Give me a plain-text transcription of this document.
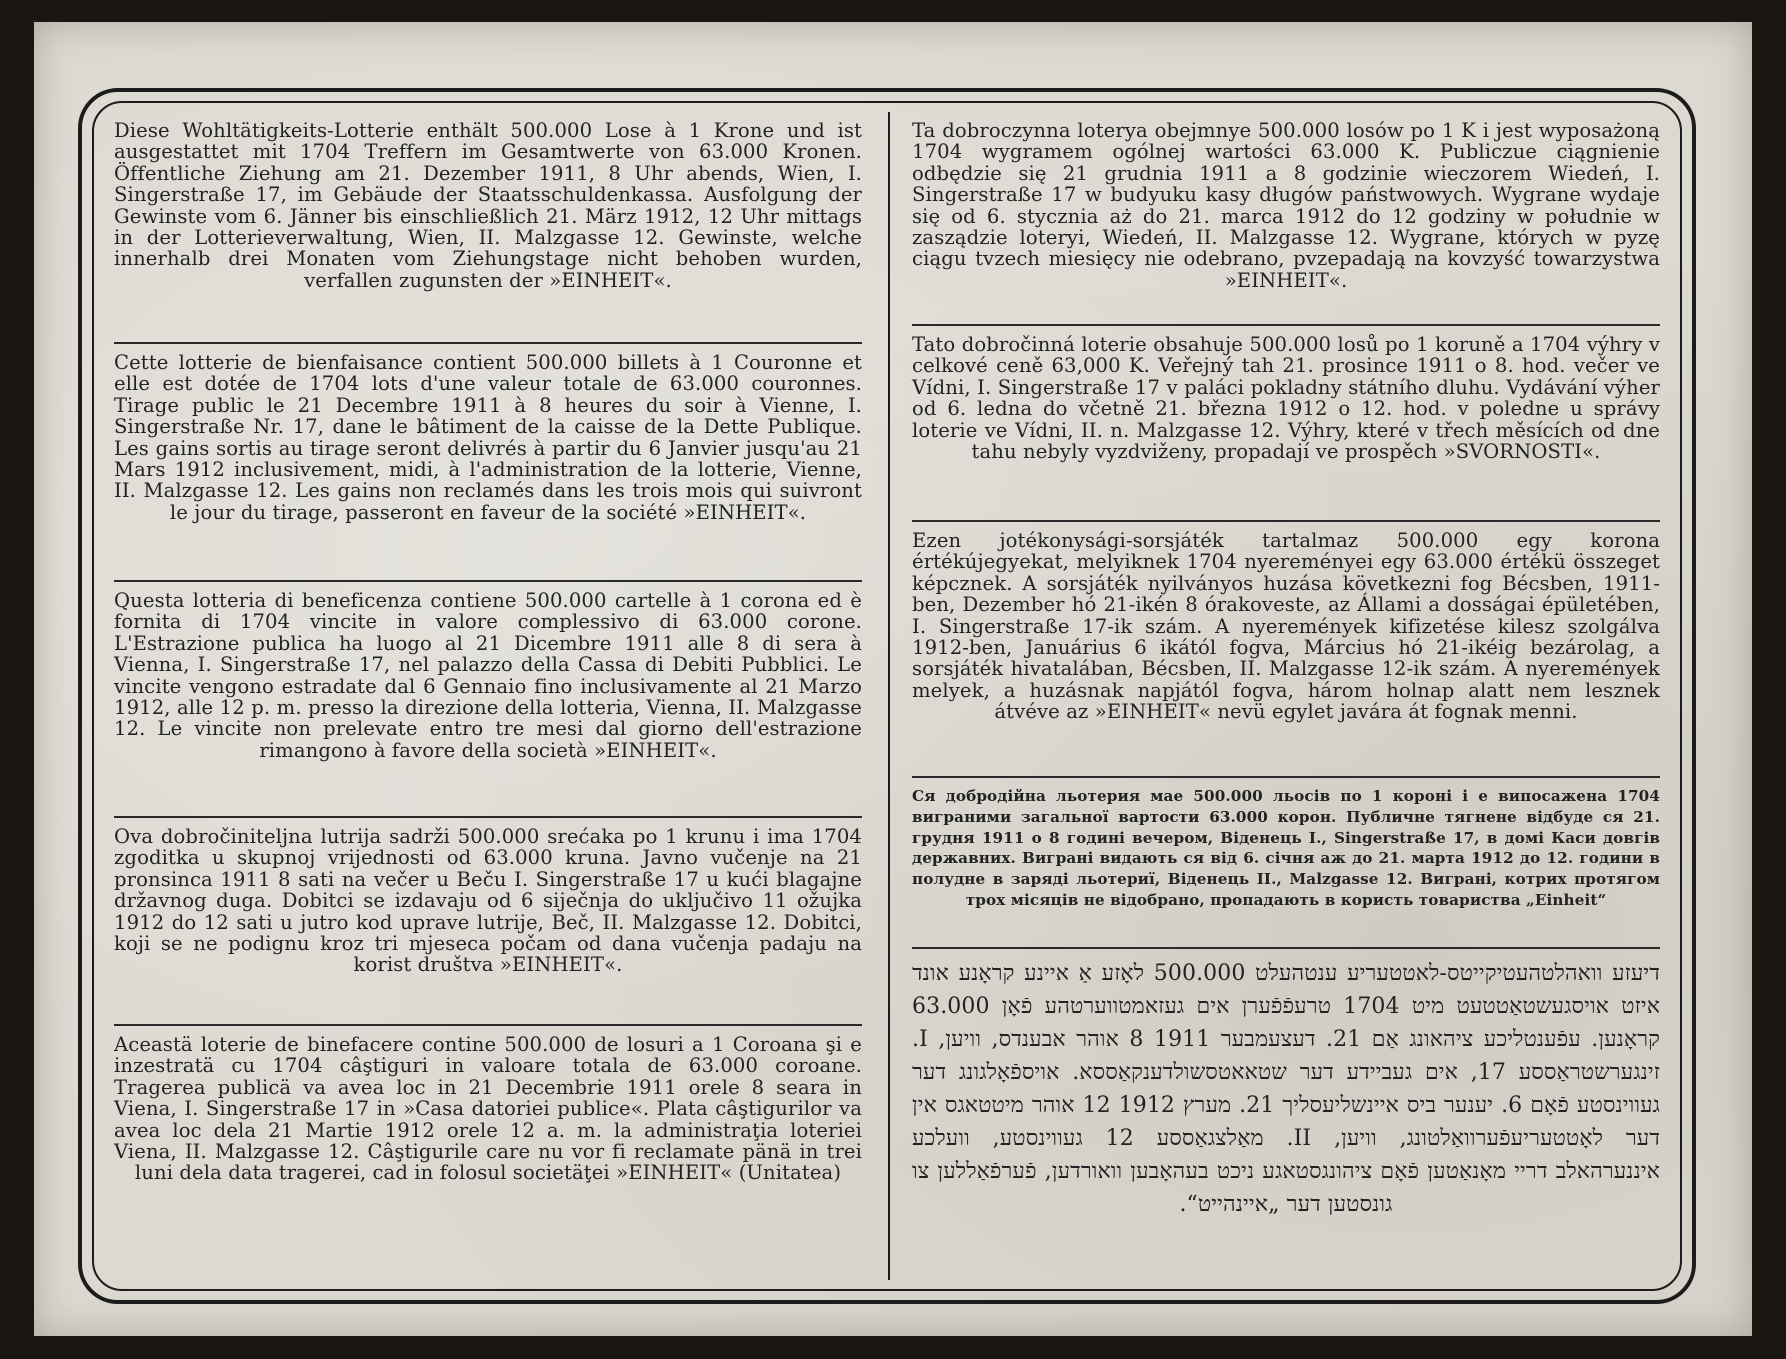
Diese Wohltätigkeits-Lotterie enthält 500.000 Lose à 1 Krone und ist ausgestattet mit 1704 Treffern im Gesamtwerte von 63.000 Kronen. Öffentliche Ziehung am 21. Dezember 1911, 8 Uhr abends, Wien, I. Singerstraße 17, im Gebäude der Staatsschuldenkassa. Ausfolgung der Gewinste vom 6. Jänner bis einschließlich 21. März 1912, 12 Uhr mittags in der Lotterieverwaltung, Wien, II. Malzgasse 12. Gewinste, welche innerhalb drei Monaten vom Ziehungstage nicht behoben wurden, verfallen zugunsten der »EINHEIT«.

Cette lotterie de bienfaisance contient 500.000 billets à 1 Couronne et elle est dotée de 1704 lots d'une valeur totale de 63.000 couronnes. Tirage public le 21 Decembre 1911 à 8 heures du soir à Vienne, I. Singerstraße Nr. 17, dane le bâtiment de la caisse de la Dette Publique. Les gains sortis au tirage seront delivrés à partir du 6 Janvier jusqu'au 21 Mars 1912 inclusivement, midi, à l'administration de la lotterie, Vienne, II. Malzgasse 12. Les gains non reclamés dans les trois mois qui suivront le jour du tirage, passeront en faveur de la société »EINHEIT«.

Questa lotteria di beneficenza contiene 500.000 cartelle à 1 corona ed è fornita di 1704 vincite in valore complessivo di 63.000 corone. L'Estrazione publica ha luogo al 21 Dicembre 1911 alle 8 di sera à Vienna, I. Singerstraße 17, nel palazzo della Cassa di Debiti Pubblici. Le vincite vengono estradate dal 6 Gennaio fino inclusivamente al 21 Marzo 1912, alle 12 p. m. presso la direzione della lotteria, Vienna, II. Malzgasse 12. Le vincite non prelevate entro tre mesi dal giorno dell'estrazione rimangono à favore della società »EINHEIT«.

Ova dobročiniteljna lutrija sadrži 500.000 srećaka po 1 krunu i ima 1704 zgoditka u skupnoj vrijednosti od 63.000 kruna. Javno vučenje na 21 pronsinca 1911 8 sati na večer u Beču I. Singerstraße 17 u kući blagajne državnog duga. Dobitci se izdavaju od 6 siječnja do uključivo 11 ožujka 1912 do 12 sati u jutro kod uprave lutrije, Beč, II. Malzgasse 12. Dobitci, koji se ne podignu kroz tri mjeseca počam od dana vučenja padaju na korist društva »EINHEIT«.

Aceastä loterie de binefacere contine 500.000 de losuri a 1 Coroana şi e inzestratä cu 1704 câştiguri in valoare totala de 63.000 coroane. Tragerea publicä va avea loc in 21 Decembrie 1911 orele 8 seara in Viena, I. Singerstraße 17 in »Casa datoriei publice«. Plata câştigurilor va avea loc dela 21 Martie 1912 orele 12 a. m. la administraţia loteriei Viena, II. Malzgasse 12. Câştigurile care nu vor fi reclamate pänä in trei luni dela data tragerei, cad in folosul societäţei »EINHEIT« (Unitatea)

Ta dobroczynna loterya obejmnye 500.000 losów po 1 K i jest wyposażoną 1704 wygramem ogólnej wartości 63.000 K. Publiczue ciągnienie odbędzie się 21 grudnia 1911 a 8 godzinie wieczorem Wiedeń, I. Singerstraße 17 w budyuku kasy długów państwowych. Wygrane wydaje się od 6. stycznia aż do 21. marca 1912 do 12 godziny w południe w zasządzie loteryi, Wiedeń, II. Malzgasse 12. Wygrane, których w pyzę ciągu tvzech miesięcy nie odebrano, pvzepadają na kovzyść towarzystwa »EINHEIT«.

Tato dobročinná loterie obsahuje 500.000 losů po 1 koruně a 1704 výhry v celkové ceně 63,000 K. Veřejný tah 21. prosince 1911 o 8. hod. večer ve Vídni, I. Singerstraße 17 v paláci pokladny státního dluhu. Vydávání výher od 6. ledna do včetně 21. března 1912 o 12. hod. v poledne u správy loterie ve Vídni, II. n. Malzgasse 12. Výhry, které v třech měsících od dne tahu nebyly vyzdviženy, propadají ve prospěch »SVORNOSTI«.

Ezen jotékonysági-sorsjáték tartalmaz 500.000 egy korona értékújegyekat, melyiknek 1704 nyereményei egy 63.000 értékü összeget képcznek. A sorsjáték nyilványos huzása következni fog Bécsben, 1911-ben, Dezember hó 21-ikén 8 órakoveste, az Állami a dosságai épületében, I. Singerstraße 17-ik szám. A nyeremények kifizetése kilesz szolgálva 1912-ben, Januárius 6 ikától fogva, Március hó 21-ikéig bezárolag, a sorsjáték hivatalában, Bécsben, II. Malzgasse 12-ik szám. A nyeremények melyek, a huzásnak napjától fogva, három holnap alatt nem lesznek átvéve az »EINHEIT« nevü egylet javára át fognak menni.

Ся добродійна льотерия мае 500.000 льосів по 1 короні і е випосажена 1704 виграними загальної вартости 63.000 корон. Публичне тягнене відбуде ся 21. грудня 1911 о 8 годині вечером, Віденець I., Singerstraße 17, в домі Каси довгів державних. Виграні видають ся від 6. січня аж до 21. марта 1912 до 12. години в полудне в заряді льотериї, Віденець II., Malzgasse 12. Виграні, котрих протягом трох місяців не відобрано, пропадають в користь товариства „Einheit“

דיעזע וואהלטהעטיקייטס-לאטטעריע ענטהעלט 500.000 לאָזע אַ איינע קראָנע אונד איזט אויסגעשטאַטטעט מיט 1704 טרעפֿפֿערן אים געזאמטווערטהע פֿאָן 63.000 קראָנען. עפֿענטליכע ציהאונג אַם 21. דעצעמבער 1911 8 אוהר אבענדס, וויען, I. זינגערשטראַססע 17, אים געביידע דער שטאאטסשולדענקאַססא. אויספֿאָלגונג דער געווינסטע פֿאָם 6. יענער ביס איינשליעסליך 21. מערץ 1912 12 אוהר מיטטאגס אין דער לאָטטעריעפֿערוואַלטונג, וויען, II. מאַלצגאַססע 12 געווינסטע, וועלכע איננערהאלב דריי מאָנאַטען פֿאָם ציהונגסטאגע ניכט בעהאָבען וואורדען, פֿערפֿאַללען צו גונסטען דער „איינהייט“.
